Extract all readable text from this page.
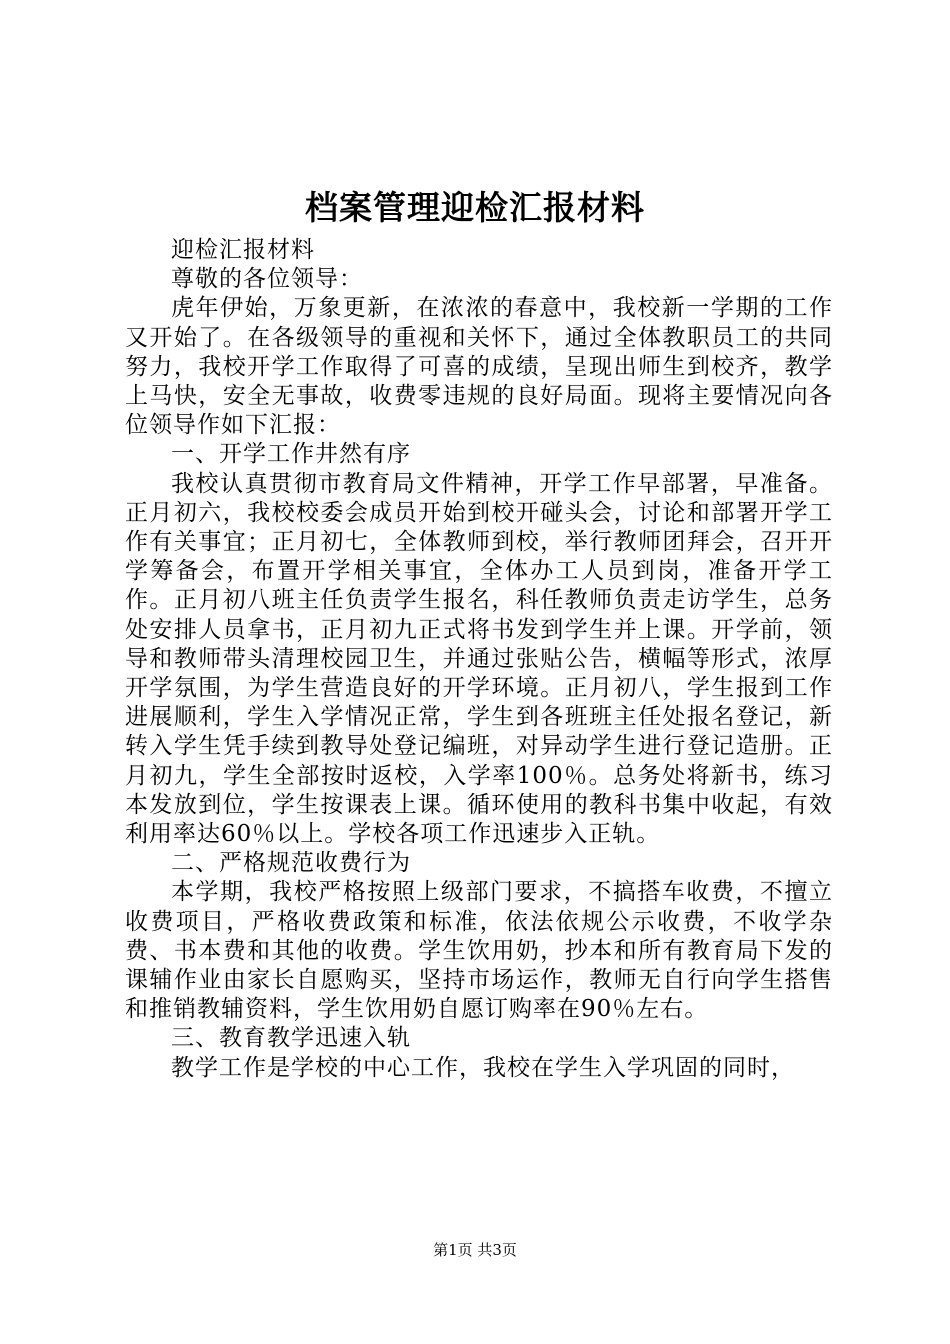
档案管理迎检汇报材料

迎检汇报材料

尊敬的各位领导：

虎年伊始，万象更新，在浓浓的春意中，我校新一学期的工作又开始了。在各级领导的重视和关怀下，通过全体教职员工的共同努力，我校开学工作取得了可喜的成绩，呈现出师生到校齐，教学上马快，安全无事故，收费零违规的良好局面。现将主要情况向各位领导作如下汇报：

一、开学工作井然有序

我校认真贯彻市教育局文件精神，开学工作早部署，早准备。正月初六，我校校委会成员开始到校开碰头会，讨论和部署开学工作有关事宜；正月初七，全体教师到校，举行教师团拜会，召开开学筹备会，布置开学相关事宜，全体办工人员到岗，准备开学工作。正月初八班主任负责学生报名，科任教师负责走访学生，总务处安排人员拿书，正月初九正式将书发到学生并上课。开学前，领导和教师带头清理校园卫生，并通过张贴公告，横幅等形式，浓厚开学氛围，为学生营造良好的开学环境。正月初八，学生报到工作进展顺利，学生入学情况正常，学生到各班班主任处报名登记，新转入学生凭手续到教导处登记编班，对异动学生进行登记造册。正月初九，学生全部按时返校，入学率100％。总务处将新书，练习本发放到位，学生按课表上课。循环使用的教科书集中收起，有效利用率达60％以上。学校各项工作迅速步入正轨。

二、严格规范收费行为

本学期，我校严格按照上级部门要求，不搞搭车收费，不擅立收费项目，严格收费政策和标准，依法依规公示收费，不收学杂费、书本费和其他的收费。学生饮用奶，抄本和所有教育局下发的课辅作业由家长自愿购买，坚持市场运作，教师无自行向学生搭售和推销教辅资料，学生饮用奶自愿订购率在90％左右。

三、教育教学迅速入轨

教学工作是学校的中心工作，我校在学生入学巩固的同时，

第1页 共3页
